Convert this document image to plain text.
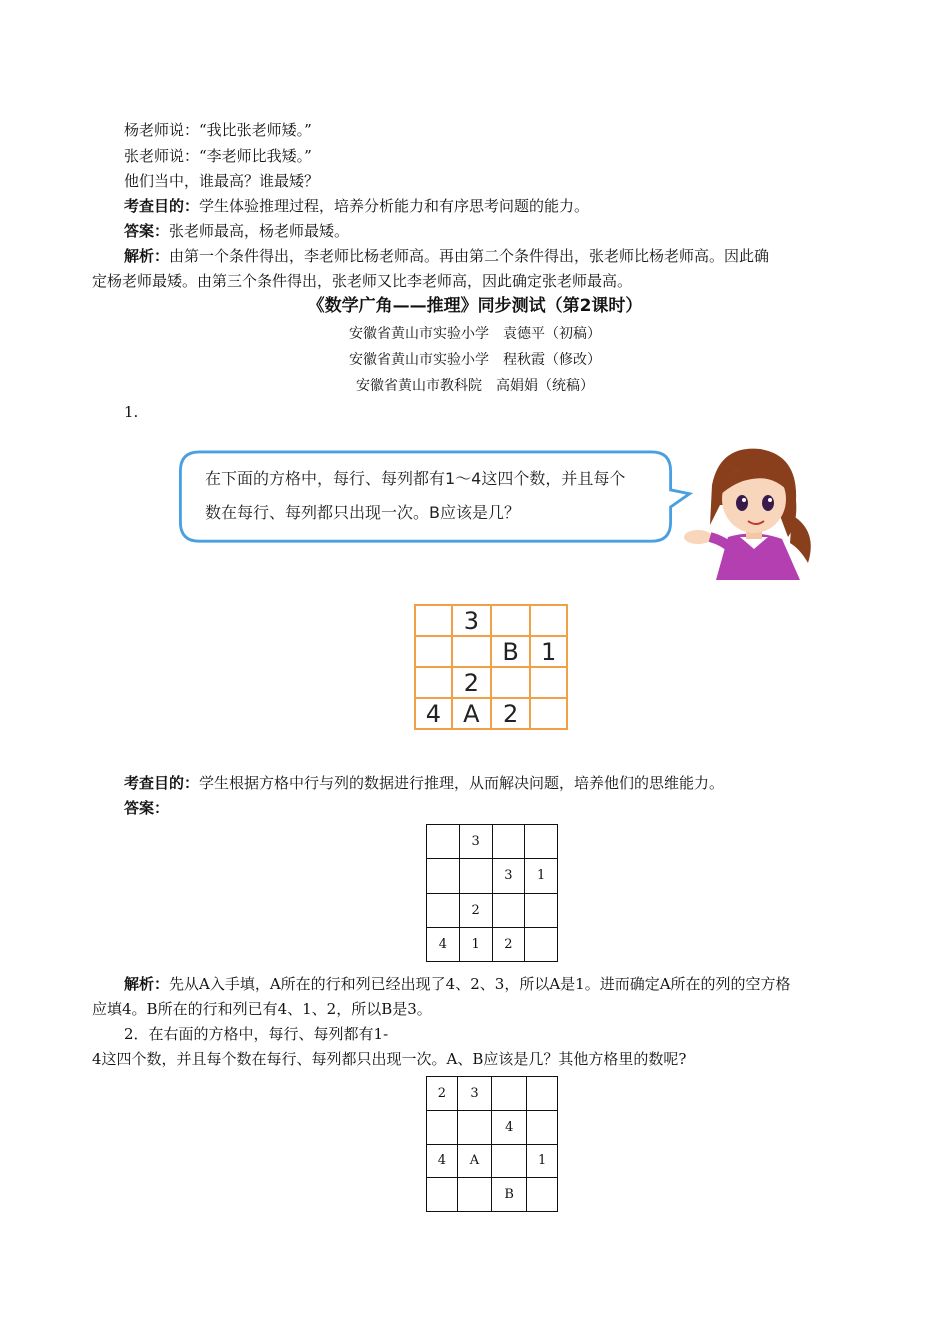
杨老师说：“我比张老师矮。”
张老师说：“李老师比我矮。”
他们当中，谁最高？谁最矮？
考查目的：学生体验推理过程，培养分析能力和有序思考问题的能力。
答案：张老师最高，杨老师最矮。
解析：由第一个条件得出，李老师比杨老师高。再由第二个条件得出，张老师比杨老师高。因此确
定杨老师最矮。由第三个条件得出，张老师又比李老师高，因此确定张老师最高。
《数学广角——推理》同步测试（第2课时）
安徽省黄山市实验小学　袁德平（初稿）
安徽省黄山市实验小学　程秋霞（修改）
安徽省黄山市教科院　高娟娟（统稿）
1.
在下面的方格中，每行、每列都有1～4这四个数，并且每个
数在每行、每列都只出现一次。B应该是几？
	3		
		B	1
	2		
4	A	2	
考查目的：学生根据方格中行与列的数据进行推理，从而解决问题，培养他们的思维能力。
答案：
	3		
		3	1
	2		
4	1	2	
解析：先从A入手填，A所在的行和列已经出现了4、2、3，所以A是1。进而确定A所在的列的空方格
应填4。B所在的行和列已有4、1、2，所以B是3。
2．在右面的方格中，每行、每列都有1-
4这四个数，并且每个数在每行、每列都只出现一次。A、B应该是几？其他方格里的数呢?
2	3		
		4	
4	A		1
		B	
